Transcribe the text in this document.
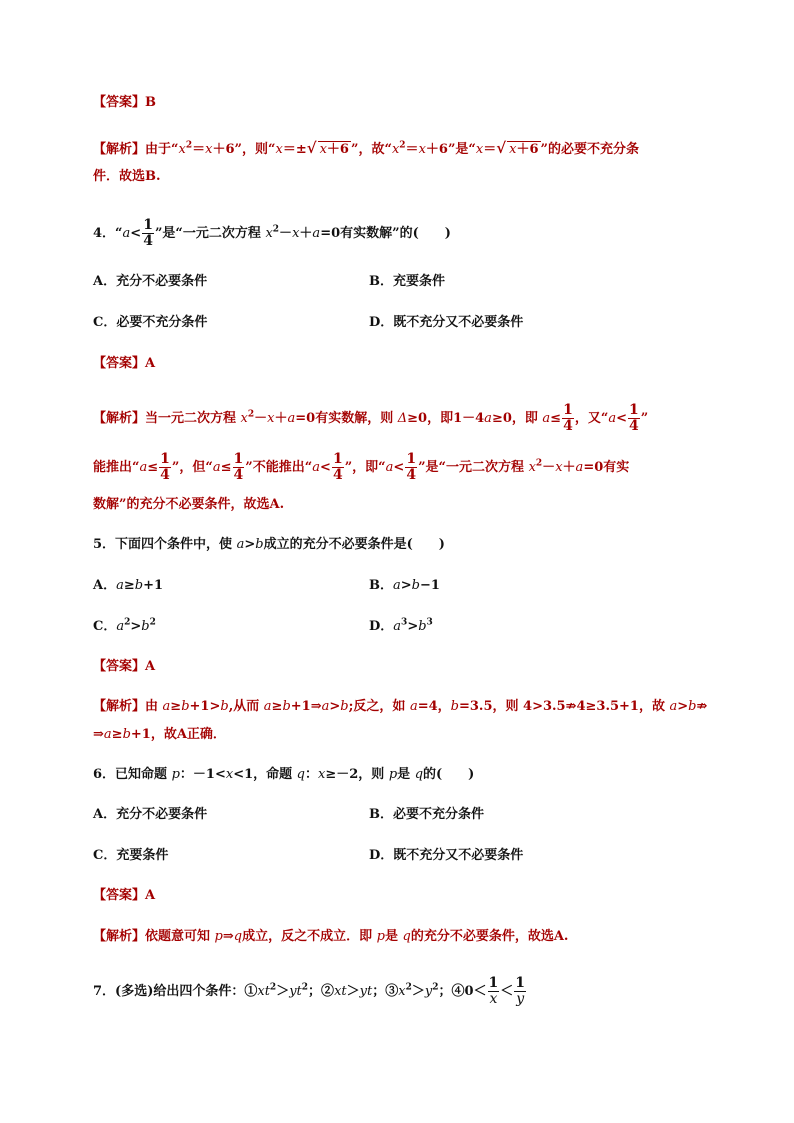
【答案】B
【解析】由于“$x^2=x+6$”，则“x＝±√ x＋6 ”，故“$x^2=x+6$”是“x＝√ x＋6 ”的必要不充分条
件．故选B.
4．“$a< \frac{1}{4}$ ”是“一元二次方程 $x^2-x+a=0$有实数解”的(　　)
A．充分不必要条件	B．充要条件
C．必要不充分条件	D．既不充分又不必要条件
【答案】A
【解析】当一元二次方程 $x^2-x+a=0$有实数解，则 Δ≥0，即1－4a≥0，即 $a\le \frac{1}{4}$ ，又“$a< \frac{1}{4}$ ”
能推出“$a\le \frac{1}{4}$ ”，但“$a\le \frac{1}{4}$ ”不能推出“$a< \frac{1}{4}$ ”，即“$a< \frac{1}{4}$ ”是“一元二次方程 $x^2-x+a=0$有实
数解”的充分不必要条件，故选A.
5．下面四个条件中，使 a>b成立的充分不必要条件是(　　)
A．a≥b+1	B．a>b−1
C．$a^2>b^2$	D．$a^3>b^3$
【答案】A
【解析】由 a≥b+1>b,从而 a≥b+1⇒a>b;反之，如 a=4，b=3.5，则 4>3.5⇏4≥3.5+1，故 a>b⇏
⇒a≥b+1，故A正确．
6．已知命题 p：－1<x<1，命题 q：x≥－2，则 p是 q的(　　)
A．充分不必要条件	B．必要不充分条件
C．充要条件	D．既不充分又不必要条件
【答案】A
【解析】依题意可知 p⇒q成立，反之不成立．即 p是 q的充分不必要条件，故选A.
7．(多选)给出四个条件：$①xt^2>yt^2$；②xt＞yt；$③x^2>y^2$；④0＜ $\frac{1}{x} < \frac{1}{y}$
